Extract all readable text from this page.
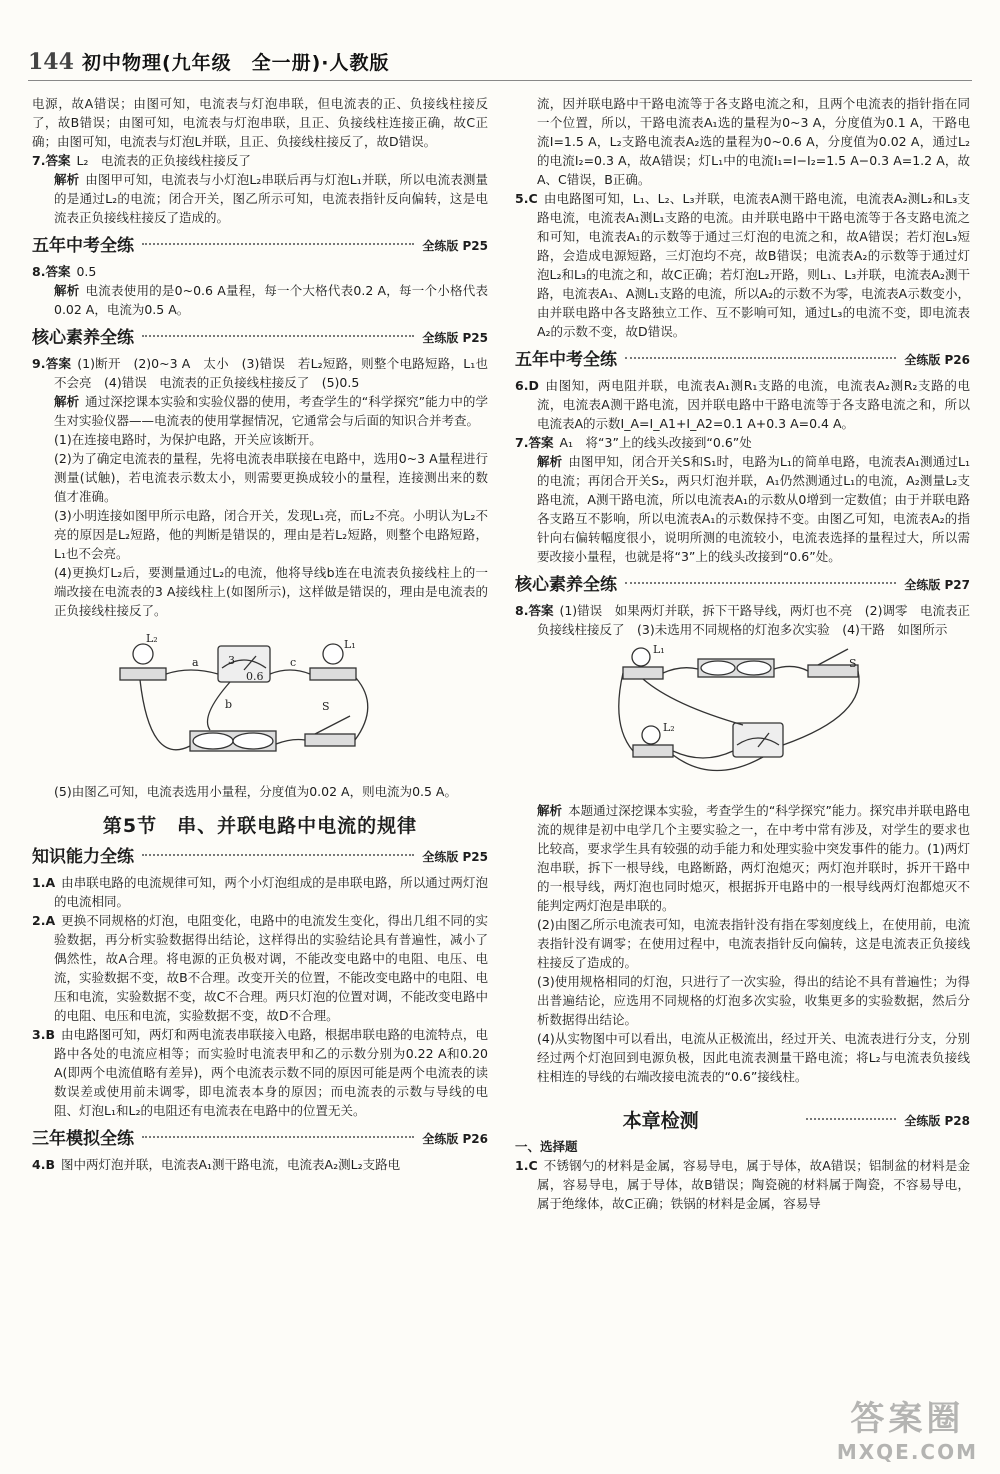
144 初中物理(九年级　全一册)·人教版

电源，故A错误；由图可知，电流表与灯泡串联，但电流表的正、负接线柱接反了，故B错误；由图可知，电流表与灯泡串联，且正、负接线柱连接正确，故C正确；由图可知，电流表与灯泡L并联，且正、负接线柱接反了，故D错误。

7.答案 L₂　电流表的正负接线柱接反了

解析 由图甲可知，电流表与小灯泡L₂串联后再与灯泡L₁并联，所以电流表测量的是通过L₂的电流；闭合开关，图乙所示可知，电流表指针反向偏转，这是电流表正负接线柱接反了造成的。

五年中考全练	全练版 P25

8.答案 0.5

解析 电流表使用的是0~0.6 A量程，每一个大格代表0.2 A，每一个小格代表0.02 A，电流为0.5 A。

核心素养全练	全练版 P25

9.答案 (1)断开　(2)0~3 A　太小　(3)错误　若L₂短路，则整个电路短路，L₁也不会亮　(4)错误　电流表的正负接线柱接反了　(5)0.5

解析 通过深挖课本实验和实验仪器的使用，考查学生的“科学探究”能力中的学生对实验仪器——电流表的使用掌握情况，它通常会与后面的知识合并考查。

(1)在连接电路时，为保护电路，开关应该断开。

(2)为了确定电流表的量程，先将电流表串联接在电路中，选用0~3 A量程进行测量(试触)，若电流表示数太小，则需要更换成较小的量程，连接测出来的数值才准确。

(3)小明连接如图甲所示电路，闭合开关，发现L₁亮，而L₂不亮。小明认为L₂不亮的原因是L₂短路，他的判断是错误的，理由是若L₂短路，则整个电路短路，L₁也不会亮。

(4)更换灯L₂后，要测量通过L₂的电流，他将导线b连在电流表负接线柱上的一端改接在电流表的3 A接线柱上(如图所示)，这样做是错误的，理由是电流表的正负接线柱接反了。

L₂	L₁
a	c
b	S
3
0.6

(5)由图乙可知，电流表选用小量程，分度值为0.02 A，则电流为0.5 A。

第5节　串、并联电路中电流的规律
知识能力全练	全练版 P25

1.A 由串联电路的电流规律可知，两个小灯泡组成的是串联电路，所以通过两灯泡的电流相同。

2.A 更换不同规格的灯泡，电阻变化，电路中的电流发生变化，得出几组不同的实验数据，再分析实验数据得出结论，这样得出的实验结论具有普遍性，减小了偶然性，故A合理。将电源的正负极对调，不能改变电路中的电阻、电压、电流，实验数据不变，故B不合理。改变开关的位置，不能改变电路中的电阻、电压和电流，实验数据不变，故C不合理。两只灯泡的位置对调，不能改变电路中的电阻、电压和电流，实验数据不变，故D不合理。

3.B 由电路图可知，两灯和两电流表串联接入电路，根据串联电路的电流特点，电路中各处的电流应相等；而实验时电流表甲和乙的示数分别为0.22 A和0.20 A(即两个电流值略有差异)，两个电流表示数不同的原因可能是两个电流表的读数误差或使用前未调零，即电流表本身的原因；而电流表的示数与导线的电阻、灯泡L₁和L₂的电阻还有电流表在电路中的位置无关。

三年模拟全练	全练版 P26

4.B 图中两灯泡并联，电流表A₁测干路电流，电流表A₂测L₂支路电

流，因并联电路中干路电流等于各支路电流之和，且两个电流表的指针指在同一个位置，所以，干路电流表A₁选的量程为0~3 A，分度值为0.1 A，干路电流I=1.5 A，L₂支路电流表A₂选的量程为0~0.6 A，分度值为0.02 A，通过L₂的电流I₂=0.3 A，故A错误；灯L₁中的电流I₁=I−I₂=1.5 A−0.3 A=1.2 A，故A、C错误，B正确。

5.C 由电路图可知，L₁、L₂、L₃并联，电流表A测干路电流，电流表A₂测L₂和L₃支路电流，电流表A₁测L₁支路的电流。由并联电路中干路电流等于各支路电流之和可知，电流表A₁的示数等于通过三灯泡的电流之和，故A错误；若灯泡L₃短路，会造成电源短路，三灯泡均不亮，故B错误；电流表A₂的示数等于通过灯泡L₂和L₃的电流之和，故C正确；若灯泡L₂开路，则L₁、L₃并联，电流表A₂测干路，电流表A₁、A测L₁支路的电流，所以A₂的示数不为零，电流表A示数变小，由并联电路中各支路独立工作、互不影响可知，通过L₃的电流不变，即电流表A₂的示数不变，故D错误。

五年中考全练	全练版 P26

6.D 由图知，两电阻并联，电流表A₁测R₁支路的电流，电流表A₂测R₂支路的电流，电流表A测干路电流，因并联电路中干路电流等于各支路电流之和，所以电流表A的示数I_A=I_A1+I_A2=0.1 A+0.3 A=0.4 A。

7.答案 A₁　将“3”上的线头改接到“0.6”处

解析 由图甲知，闭合开关S和S₁时，电路为L₁的简单电路，电流表A₁测通过L₁的电流；再闭合开关S₂，两只灯泡并联，A₁仍然测通过L₁的电流，A₂测量L₂支路电流，A测干路电流，所以电流表A₁的示数从0增到一定数值；由于并联电路各支路互不影响，所以电流表A₁的示数保持不变。由图乙可知，电流表A₂的指针向右偏转幅度很小，说明所测的电流较小，电流表选择的量程过大，所以需要改接小量程，也就是将“3”上的线头改接到“0.6”处。

核心素养全练	全练版 P27

8.答案 (1)错误　如果两灯并联，拆下干路导线，两灯也不亮　(2)调零　电流表正负接线柱接反了　(3)未选用不同规格的灯泡多次实验　(4)干路　如图所示

L₁
L₂
S

解析 本题通过深挖课本实验，考查学生的“科学探究”能力。探究串并联电路电流的规律是初中电学几个主要实验之一，在中考中常有涉及，对学生的要求也比较高，要求学生具有较强的动手能力和处理实验中突发事件的能力。(1)两灯泡串联，拆下一根导线，电路断路，两灯泡熄灭；两灯泡并联时，拆开干路中的一根导线，两灯泡也同时熄灭，根据拆开电路中的一根导线两灯泡都熄灭不能判定两灯泡是串联的。

(2)由图乙所示电流表可知，电流表指针没有指在零刻度线上，在使用前，电流表指针没有调零；在使用过程中，电流表指针反向偏转，这是电流表正负接线柱接反了造成的。

(3)使用规格相同的灯泡，只进行了一次实验，得出的结论不具有普遍性；为得出普遍结论，应选用不同规格的灯泡多次实验，收集更多的实验数据，然后分析数据得出结论。

(4)从实物图中可以看出，电流从正极流出，经过开关、电流表进行分支，分别经过两个灯泡回到电源负极，因此电流表测量干路电流；将L₂与电流表负接线柱相连的导线的右端改接电流表的“0.6”接线柱。

本章检测	全练版 P28

一、选择题

1.C 不锈钢勺的材料是金属，容易导电，属于导体，故A错误；铝制盆的材料是金属，容易导电，属于导体，故B错误；陶瓷碗的材料属于陶瓷，不容易导电，属于绝缘体，故C正确；铁锅的材料是金属，容易导

答案圈
MXQE.COM
